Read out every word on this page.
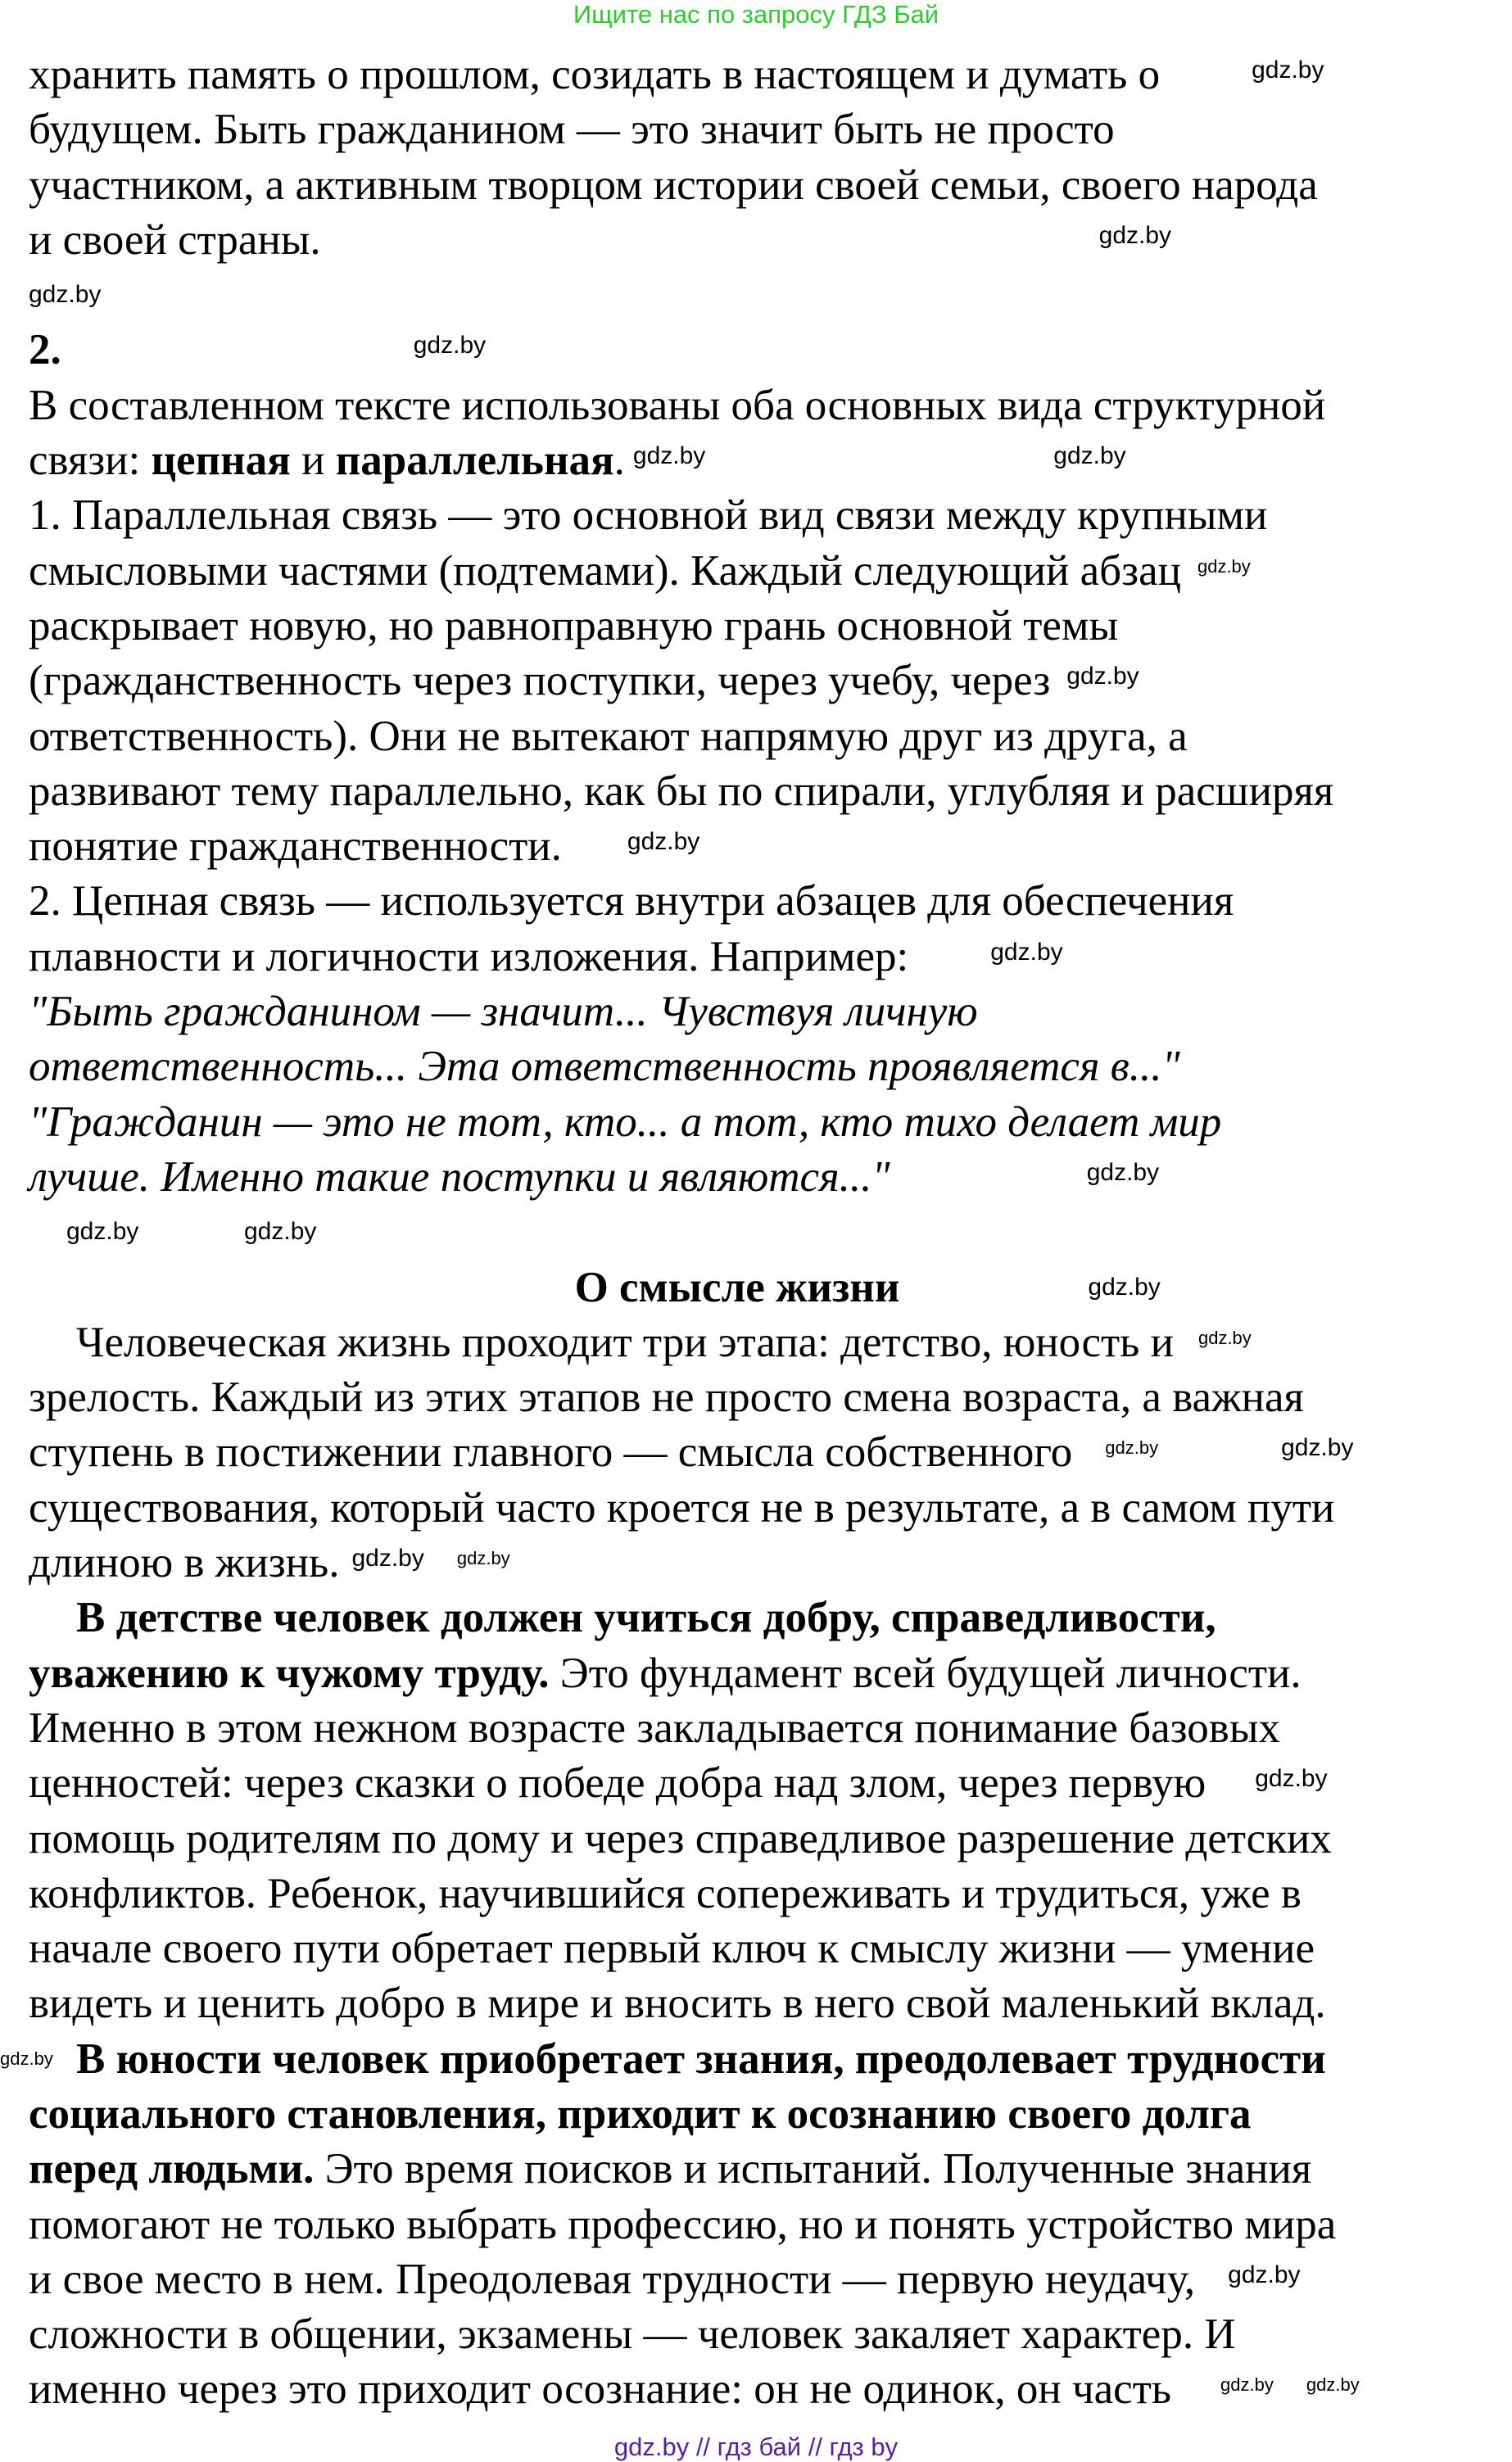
Ищите нас по запросу ГДЗ Бай
хранить память о прошлом, созидать в настоящем и думать о	gdz.by
будущем. Быть гражданином — это значит быть не просто
участником, а активным творцом истории своей семьи, своего народа
и своей страны.	gdz.by
gdz.by
2.	gdz.by
В составленном тексте использованы оба основных вида структурной
связи: цепная и параллельная. gdz.by	gdz.by
1. Параллельная связь — это основной вид связи между крупными
смысловыми частями (подтемами). Каждый следующий абзац gdz.by
раскрывает новую, но равноправную грань основной темы
(гражданственность через поступки, через учебу, через gdz.by
ответственность). Они не вытекают напрямую друг из друга, а
развивают тему параллельно, как бы по спирали, углубляя и расширяя
понятие гражданственности.	gdz.by
2. Цепная связь — используется внутри абзацев для обеспечения
плавности и логичности изложения. Например:	gdz.by
"Быть гражданином — значит... Чувствуя личную
ответственность... Эта ответственность проявляется в..."
"Гражданин — это не тот, кто... а тот, кто тихо делает мир
лучше. Именно такие поступки и являются..."	gdz.by
gdz.by	gdz.by
О смысле жизни	gdz.by
Человеческая жизнь проходит три этапа: детство, юность и gdz.by
зрелость. Каждый из этих этапов не просто смена возраста, а важная
ступень в постижении главного — смысла собственного gdz.by	gdz.by
существования, который часто кроется не в результате, а в самом пути
длиною в жизнь. gdz.by gdz.by
В детстве человек должен учиться добру, справедливости,
уважению к чужому труду. Это фундамент всей будущей личности.
Именно в этом нежном возрасте закладывается понимание базовых
ценностей: через сказки о победе добра над злом, через первую gdz.by
помощь родителям по дому и через справедливое разрешение детских
конфликтов. Ребенок, научившийся сопереживать и трудиться, уже в
начале своего пути обретает первый ключ к смыслу жизни — умение
видеть и ценить добро в мире и вносить в него свой маленький вклад.
В юности человек приобретает знания, преодолевает трудности
gdz.by
социального становления, приходит к осознанию своего долга
перед людьми. Это время поисков и испытаний. Полученные знания
помогают не только выбрать профессию, но и понять устройство мира
и свое место в нем. Преодолевая трудности — первую неудачу, gdz.by
сложности в общении, экзамены — человек закаляет характер. И
именно через это приходит осознание: он не одинок, он часть	gdz.by gdz.by
gdz.by // гдз бай // гдз by
